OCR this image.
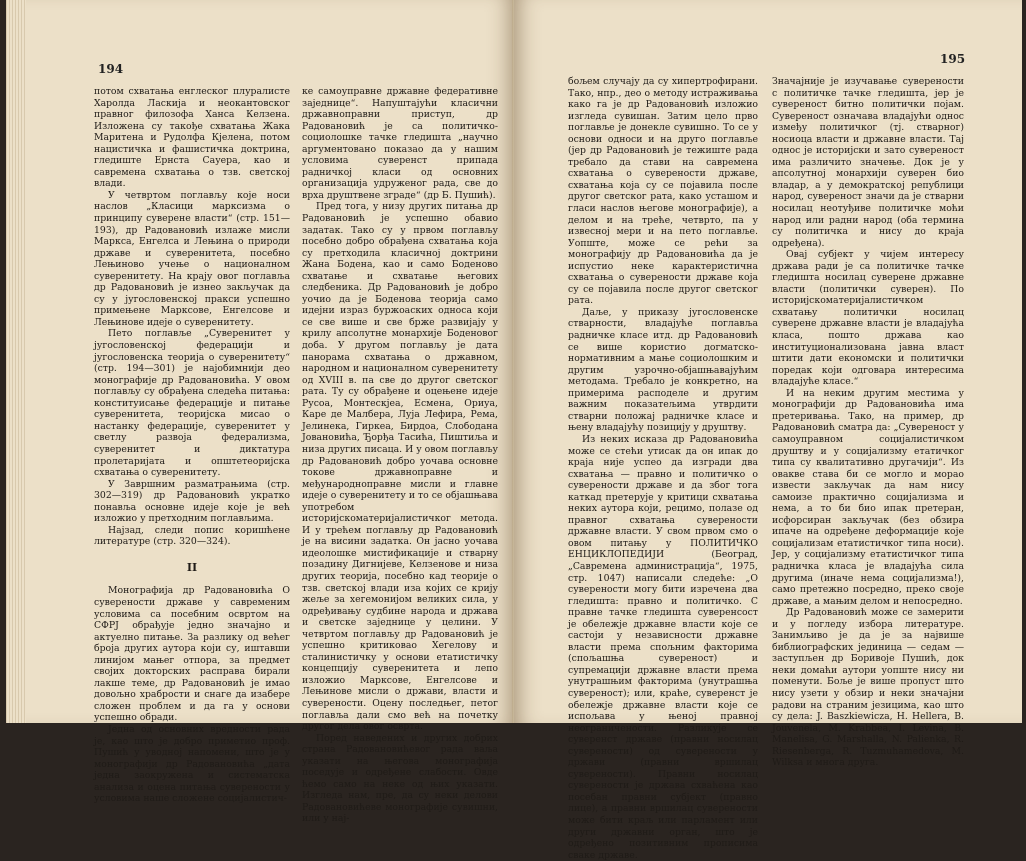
194

потом схватања енглеског плуралисте Харолда Ласкија и неокантовског правног филозофа Ханса Келзена. Изложена су такође схватања Жака Маритена и Рудолфа Кјелена, потом нацистичка и фашистичка доктрина, гледиште Ернста Сауера, као и савремена схватања о тзв. светској влади.

У четвртом поглављу које носи наслов „Класици марксизма о принципу суверене власти“ (стр. 151—193), др Радовановић излаже мисли Маркса, Енгелса и Лењина о природи државе и суверенитета, посебно Лењиново учење о националном суверенитету. На крају овог поглавља др Радовановић је изнео закључак да су у југословенској пракси успешно примењене Марксове, Енгелсове и Лењинове идеје о суверенитету.

Пето поглавље „Суверенитет у југословенској федерацији и југословенска теорија о суверенитету“ (стр. 194—301) је најобимнији део монографије др Радовановића. У овом поглављу су обрађена следећа питања: конституисање федерације и питање суверенитета, теоријска мисао о настанку федерације, суверенитет у светлу развоја федерализма, суверенитет и диктатура пролетаријата и општетеоријска схватања о суверенитету.

У Завршним разматрањима (стр. 302—319) др Радовановић укратко понавља основне идеје које је већ изложио у претходним поглављима.

Најзад, следи попис коришћене литературе (стр. 320—324).

II

Монографија др Радовановића О суверености државе у савременим условима са посебним освртом на СФРЈ обрађује једно значајно и актуелно питање. За разлику од већег броја других аутора који су, иштавши линијом мањег отпора, за предмет својих докторских расправа бирали лакше теме, др Радовановић је имао довољно храбрости и снаге да изабере сложен проблем и да га у основи успешно обради.

Једна од основних вредности рада је, као што је добро приметио проф. Пушић у уводној напомени, што је у монографији др Радовановића „дата једна заокружена и систематска анализа и оцена питања суверености у условима наше сложене социјалистич-

ке самоуправне државне федеративне заједнице“. Напуштајући класични државноправни приступ, др Радовановић је са политичко-социолошке тачке гледишта „научно аргументовано показао да у нашим условима суверенст припада радничкој класи од основних организација удруженог рада, све до врха друштвене зграде“ (др Б. Пушић).

Пред тога, у низу других питања др Радовановић је успешно обавио задатак. Тако су у првом поглављу посебно добро обрађена схватања која су претходила класичној доктрини Жана Бодена, као и само Боденово схватање и схватање његових следбеника. Др Радовановић је добро уочио да је Боденова теорија само идејни израз буржоаских односа који се све више и све брже развијају у крилу апсолутне монархије Боденовог доба. У другом поглављу је дата панорама схватања о државном, народном и националном суверенитету од XVIII в. па све до другог светског рата. Ту су обрађене и оцењене идеје Русоа, Монтескјеа, Есмена, Ориуа, Каре де Малбера, Луја Лефира, Рема, Јелинека, Гиркеа, Бирдоа, Слободана Јовановића, Ђорђа Тасића, Пиштиља и низа других писаца. И у овом поглављу др Радовановић добро уочава основне токове државноправне и међународноправне мисли и главне идеје о суверенитету и то се објашњава употребом историјскоматеријалистичког метода. И у трећем поглављу др Радовановић је на висини задатка. Он јасно уочава идеолошке мистификације и стварну позадину Дигнијеве, Келзенове и низа других теорија, посебно кад теорије о тзв. светској влади иза којих се крију жеље за хегемонијом великих сила, у одређивању судбине народа и држава и светске заједнице у целини. У четвртом поглављу др Радовановић је успешно критиковао Хегелову и сталинистичку у основи етатистичку концепцију суверенитета и лепо изложио Марксове, Енгелсове и Лењинове мисли о држави, власти и суверености. Оцену последњег, петог поглавља дали смо већ на почетку другог дела овог осврта.

Поред наведених и других добрих страна Радовановићевог рада ваља указати на његова монографија поседује и одређене слабости. Овде ћемо само на неке од њих указати. Изгледа нам, пре, да су неки делови Радовановићеве монографије сувишни, или у нај-

195

бољем случају да су хипертрофирани. Тако, нпр., део о методу истраживања како га је др Радовановић изложио изгледа сувишан. Затим цело прво поглавље је донекле сувишно. То се у основи односи и на друго поглавље (јер др Радовановић је тежиште рада требало да стави на савремена схватања о суверености државе, схватања која су се појавила после другог светског рата, како усташом и гласи наслов његове монографије), а делом и на треће, четврто, па у извесној мери и на пето поглавље. Уопште, може се рећи за монографију др Радовановића да је испустио неке карактеристична схватања о суверености државе која су се појавила после другог светског рата.

Даље, у приказу југословенске стварности, владајуће поглавља радничке класе итд. др Радовановић се више користио догматско-нормативним а мање социолошким и другим узрочно-објашњавајућим методама. Требало је конкретно, на примерима расподеле и другим важним показатељима утврдити стварни положај радничке класе и њену владајућу позицију у друштву.

Из неких исказа др Радовановића може се стећи утисак да он ипак до краја није успео да изгради два схватања — правно и политичко о суверености државе и да због тога каткад претерује у критици схватања неких аутора који, рецимо, полазе од правног схватања суверености државне власти. У свом првом смо о овом питању у ПОЛИТИЧКО ЕНЦИКЛОПЕДИЈИ (Београд, „Савремена администрација“, 1975, стр. 1047) написали следеће: „О суверености могу бити изречена два гледишта: правно и политичко. С правне тачке гледишта суверенсост је обележје државне власти којe се састоји у независности државне власти према спољним факторима (спољашња сувереност) и супремацији државне власти према унутрашњим факторима (унутрашња сувереност); или, краће, суверенст је обележје државне власти које се испољава у њеној правној неограничености. Разликује се суверенст државе (правни носилац суверености) од суверености у држави (правни вршилац суверености). Правни носилац суверености је држава схваћена као посебан правни субјект (правно лице), а правни вршилац суверености може бити краљ или парламент или други државни орган, што је одређено позитивним прописима сваке државе.

Значајније је изучавање суверености с политичке тачке гледишта, јер је сувереност битно политички појам. Сувереност означава владајући однос између политичког (тј. стварног) носиоца власти и државне власти. Тај однос је историјски и зато сувереност има различито значење. Док је у апсолутној монархији суверен био владар, а у демократској републици народ, сувереност значи да је стварни носилац неотуђиве политичке моћи народ или радни народ (оба термина су политичка и нису до краја одређена).

Овај субјект у чијем интересу држава ради је са политичке тачке гледишта носилац суверене државне власти (политички суверен). По историјскоматеријалистичком схватању политички носилац суверене државне власти је владајућа класа, пошто држава као институционализована јавна власт штити дати економски и политички поредак који одговара интересима владајуће класе.“

И на неким другим местима у монографији др Радовановића има претеривања. Тако, на пример, др Радовановић сматра да: „Сувереност у самоуправном социјалистичком друштву и у социјализму етатичког типа су квалитативно другачији“. Из овакве ставa би се могло и морао извести закључак да нам нису самоизе практично социјализма и нема, а то би био ипак претеран, исфорсиран закључак (без обзира ипаче на одређене деформације које социјализам етатистичког типа носи). Јер, у социјализму етатистичког типа радничка класа је владајућа сила другима (иначе нема социјализма!), само претежно посредно, преко своје државе, а мањим делом и непосредно.

Др Радовановић може се замерити и у погледу избора литературе. Занимљиво је да је за највише библиографских јединица — седам — заступљен др Боривоје Пушић, док неки домаћи аутори уопште нису ни поменути. Боље је више пропуст што нису узети у обзир и неки значајни радови на страним језицима, као што су дела: J. Baszkiewicza, H. Hellera, B. Jouvenela, M. Krabbea, I. Levina, B. Manelisa, G. Marshalla, N. Palienka, R. Riesenberga, R. Tuzmuhamedova, M. Wilksa и многа друга.
